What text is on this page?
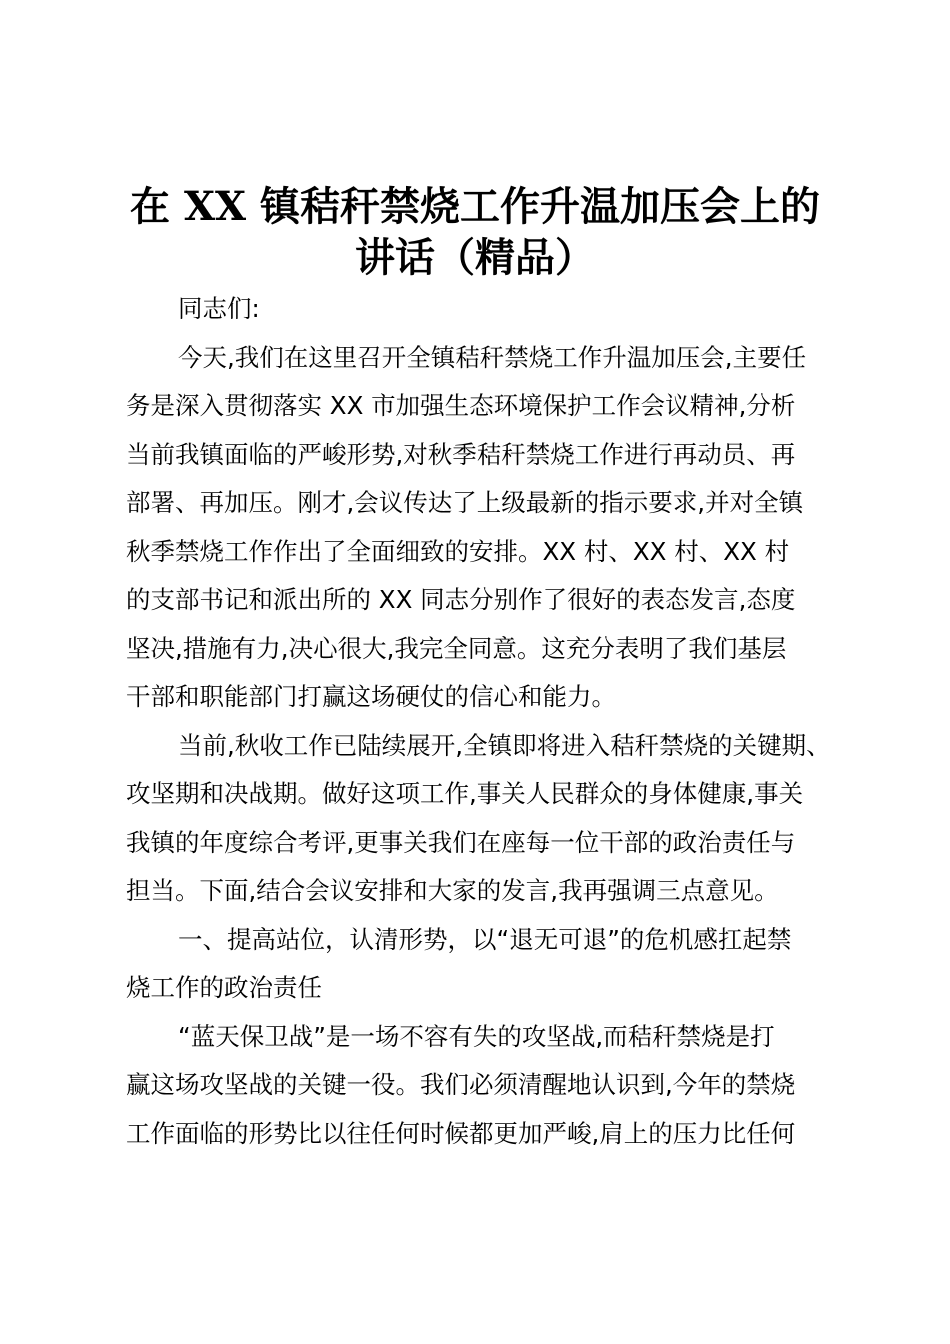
在 XX 镇秸秆禁烧工作升温加压会上的
讲话（精品）
同志们:
今天,我们在这里召开全镇秸秆禁烧工作升温加压会,主要任
务是深入贯彻落实 XX 市加强生态环境保护工作会议精神,分析
当前我镇面临的严峻形势,对秋季秸秆禁烧工作进行再动员、再
部署、再加压。刚才,会议传达了上级最新的指示要求,并对全镇
秋季禁烧工作作出了全面细致的安排。XX 村、XX 村、XX 村
的支部书记和派出所的 XX 同志分别作了很好的表态发言,态度
坚决,措施有力,决心很大,我完全同意。这充分表明了我们基层
干部和职能部门打赢这场硬仗的信心和能力。
当前,秋收工作已陆续展开,全镇即将进入秸秆禁烧的关键期、
攻坚期和决战期。做好这项工作,事关人民群众的身体健康,事关
我镇的年度综合考评,更事关我们在座每一位干部的政治责任与
担当。下面,结合会议安排和大家的发言,我再强调三点意见。
一、提高站位，认清形势，以“退无可退”的危机感扛起禁
烧工作的政治责任
“蓝天保卫战”是一场不容有失的攻坚战,而秸秆禁烧是打
赢这场攻坚战的关键一役。我们必须清醒地认识到,今年的禁烧
工作面临的形势比以往任何时候都更加严峻,肩上的压力比任何
